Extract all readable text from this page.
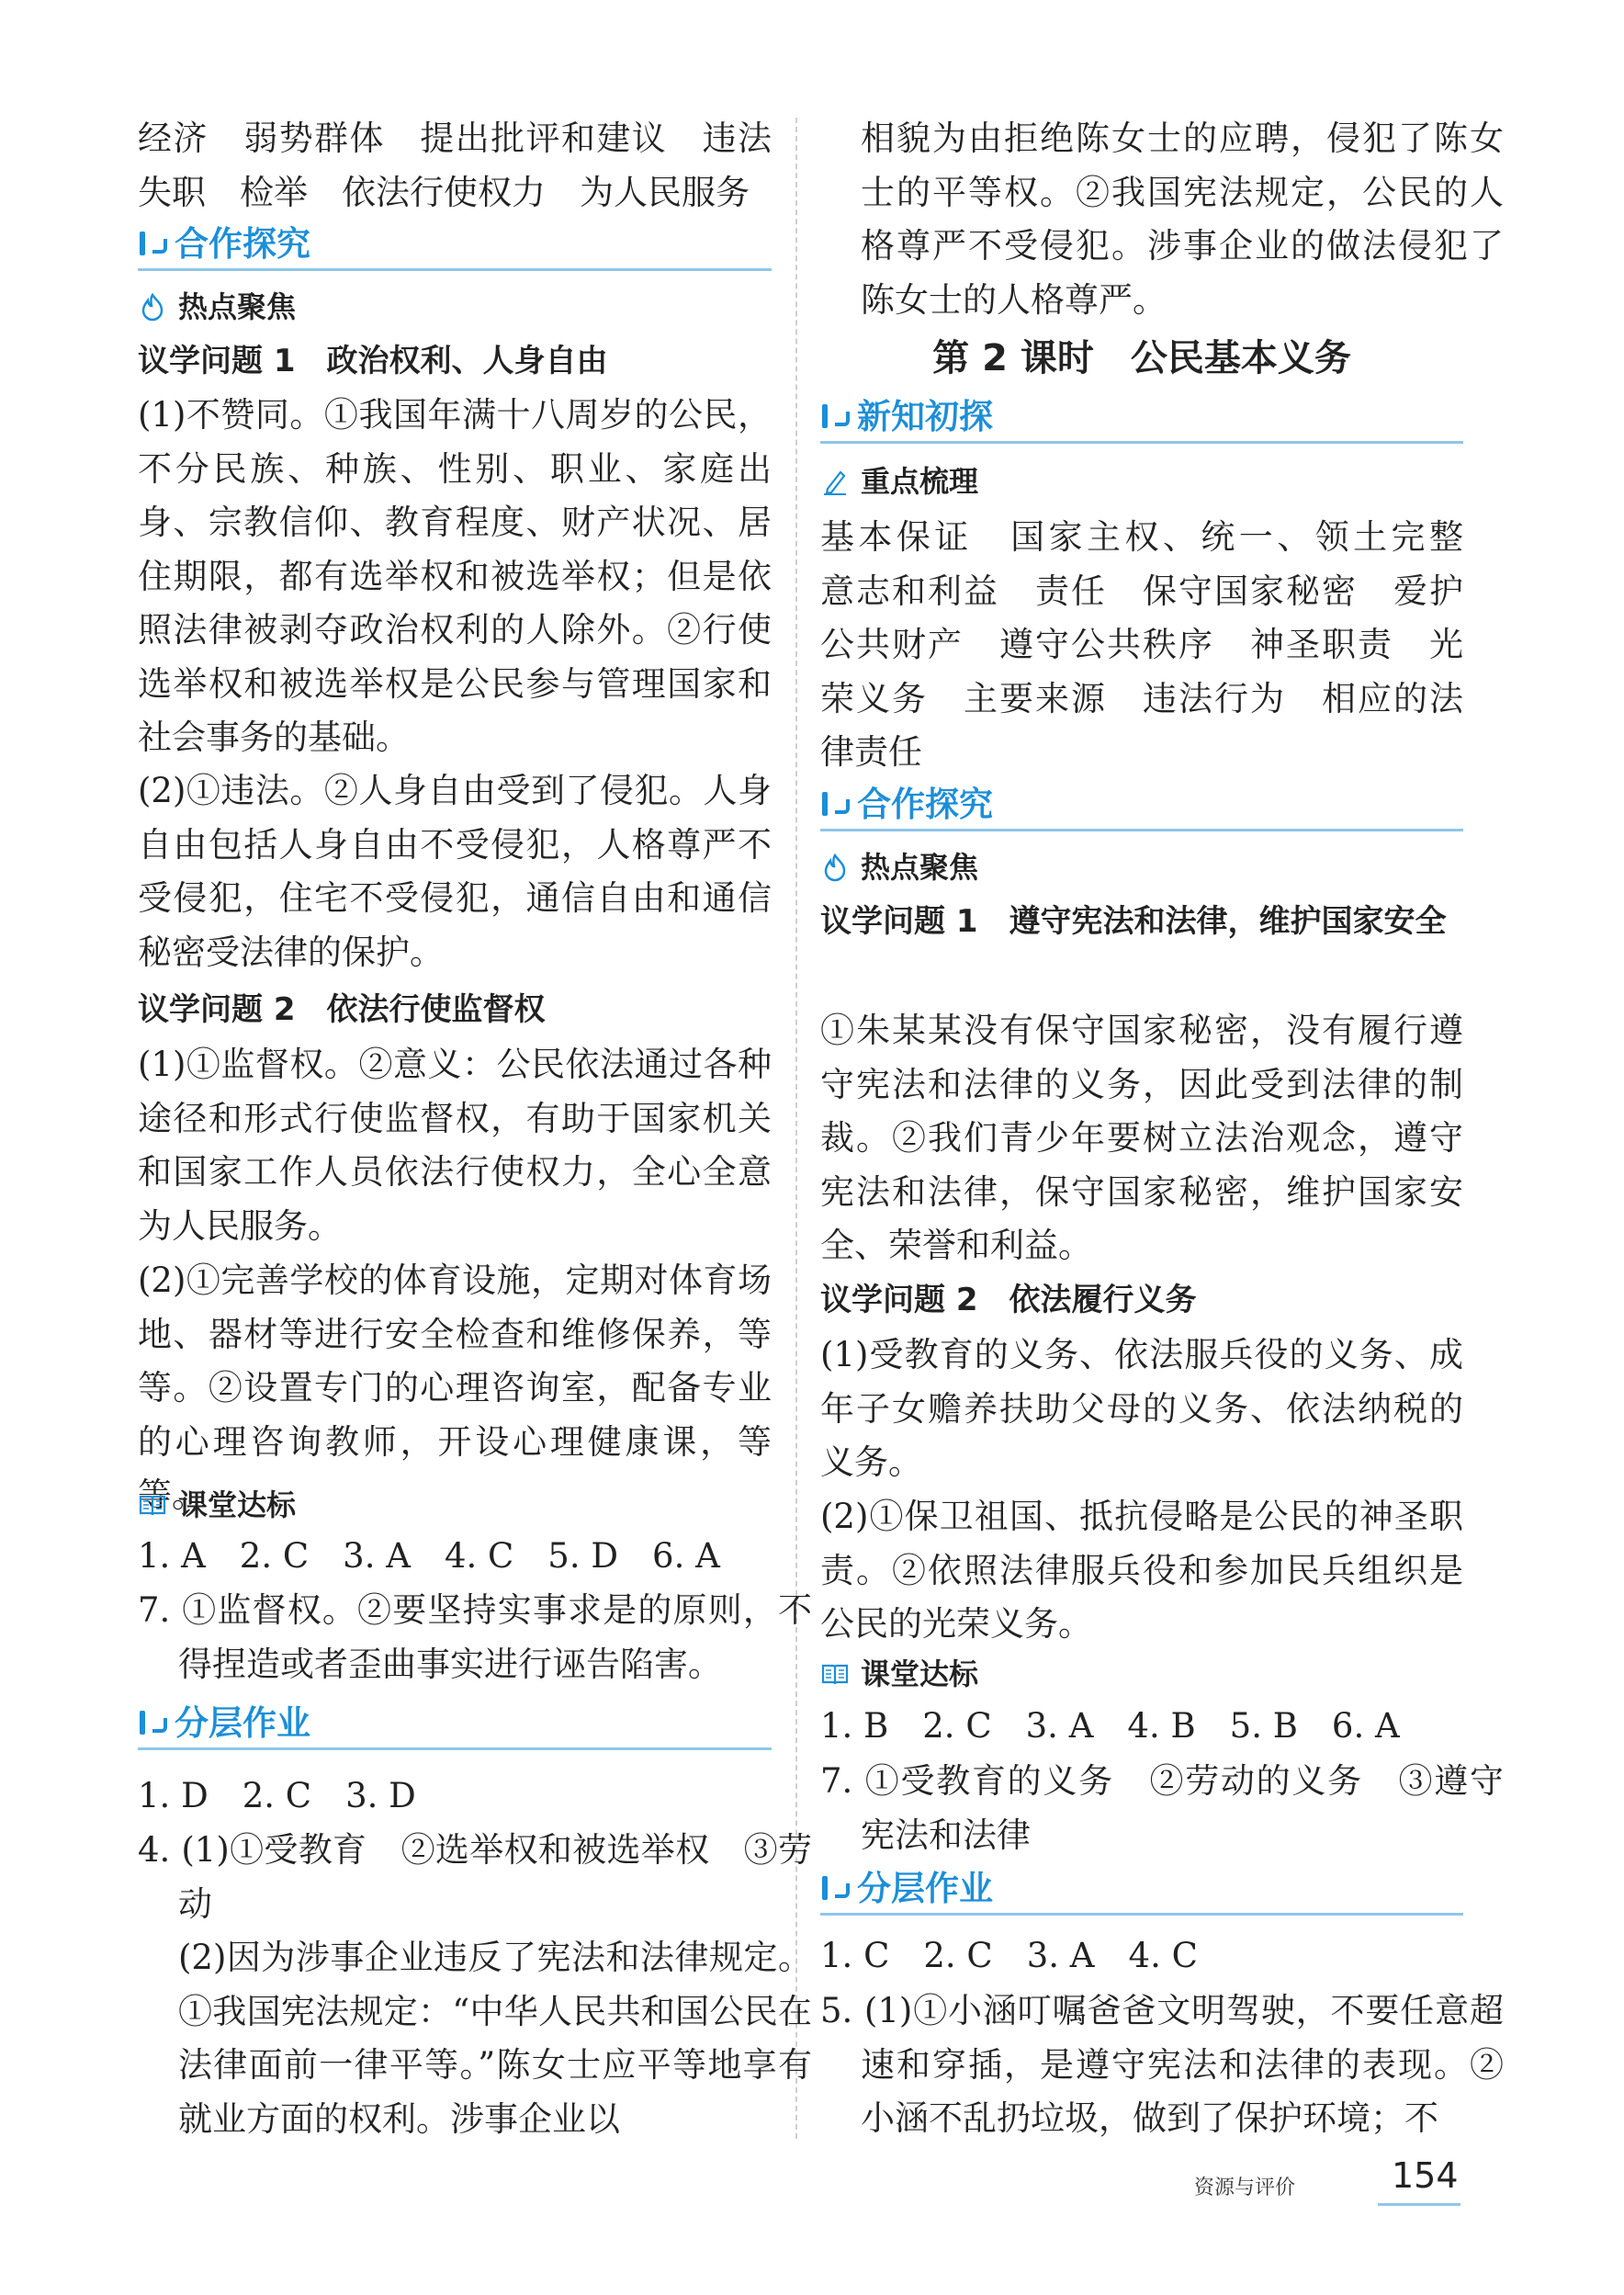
经济　弱势群体　提出批评和建议　违法失职　检举　依法行使权力　为人民服务

合作探究
热点聚焦

议学问题 1　政治权利、人身自由

(1)不赞同。①我国年满十八周岁的公民，不分民族、种族、性别、职业、家庭出身、宗教信仰、教育程度、财产状况、居住期限，都有选举权和被选举权；但是依照法律被剥夺政治权利的人除外。②行使选举权和被选举权是公民参与管理国家和社会事务的基础。

(2)①违法。②人身自由受到了侵犯。人身自由包括人身自由不受侵犯，人格尊严不受侵犯，住宅不受侵犯，通信自由和通信秘密受法律的保护。

议学问题 2　依法行使监督权

(1)①监督权。②意义：公民依法通过各种途径和形式行使监督权，有助于国家机关和国家工作人员依法行使权力，全心全意为人民服务。

(2)①完善学校的体育设施，定期对体育场地、器材等进行安全检查和维修保养，等等。②设置专门的心理咨询室，配备专业的心理咨询教师，开设心理健康课，等等。

课堂达标

1. A　2. C　3. A　4. C　5. D　6. A

7. ①监督权。②要坚持实事求是的原则，不得捏造或者歪曲事实进行诬告陷害。

分层作业

1. D　2. C　3. D

4. (1)①受教育　②选举权和被选举权　③劳动

(2)因为涉事企业违反了宪法和法律规定。①我国宪法规定：“中华人民共和国公民在法律面前一律平等。”陈女士应平等地享有就业方面的权利。涉事企业以

相貌为由拒绝陈女士的应聘，侵犯了陈女士的平等权。②我国宪法规定，公民的人格尊严不受侵犯。涉事企业的做法侵犯了陈女士的人格尊严。

第 2 课时　公民基本义务

新知初探
重点梳理

基本保证　国家主权、统一、领土完整　意志和利益　责任　保守国家秘密　爱护公共财产　遵守公共秩序　神圣职责　光荣义务　主要来源　违法行为　相应的法律责任

合作探究
热点聚焦

议学问题 1　遵守宪法和法律，维护国家安全

①朱某某没有保守国家秘密，没有履行遵守宪法和法律的义务，因此受到法律的制裁。②我们青少年要树立法治观念，遵守宪法和法律，保守国家秘密，维护国家安全、荣誉和利益。

议学问题 2　依法履行义务

(1)受教育的义务、依法服兵役的义务、成年子女赡养扶助父母的义务、依法纳税的义务。

(2)①保卫祖国、抵抗侵略是公民的神圣职责。②依照法律服兵役和参加民兵组织是公民的光荣义务。

课堂达标

1. B　2. C　3. A　4. B　5. B　6. A

7. ①受教育的义务　②劳动的义务　③遵守宪法和法律

分层作业

1. C　2. C　3. A　4. C

5. (1)①小涵叮嘱爸爸文明驾驶，不要任意超速和穿插，是遵守宪法和法律的表现。②小涵不乱扔垃圾，做到了保护环境；不

资源与评价	154
